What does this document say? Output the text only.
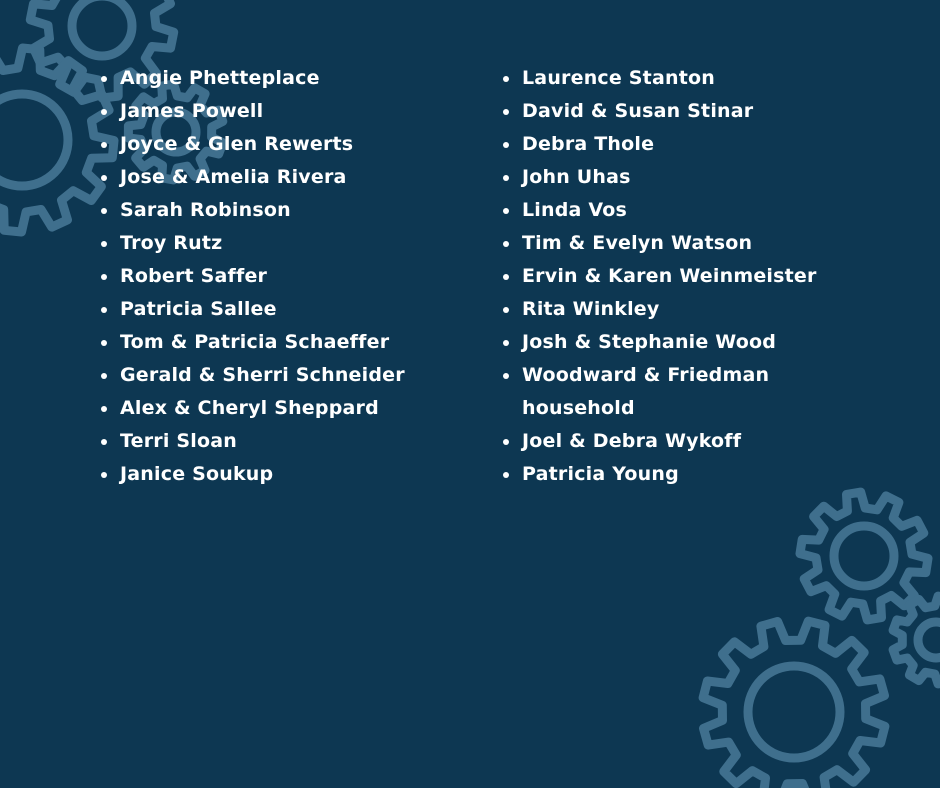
Angie Phetteplace
James Powell
Joyce & Glen Rewerts
Jose & Amelia Rivera
Sarah Robinson
Troy Rutz
Robert Saffer
Patricia Sallee
Tom & Patricia Schaeffer
Gerald & Sherri Schneider
Alex & Cheryl Sheppard
Terri Sloan
Janice Soukup
Laurence Stanton
David & Susan Stinar
Debra Thole
John Uhas
Linda Vos
Tim & Evelyn Watson
Ervin & Karen Weinmeister
Rita Winkley
Josh & Stephanie Wood
Woodward & Friedman household
Joel & Debra Wykoff
Patricia Young
